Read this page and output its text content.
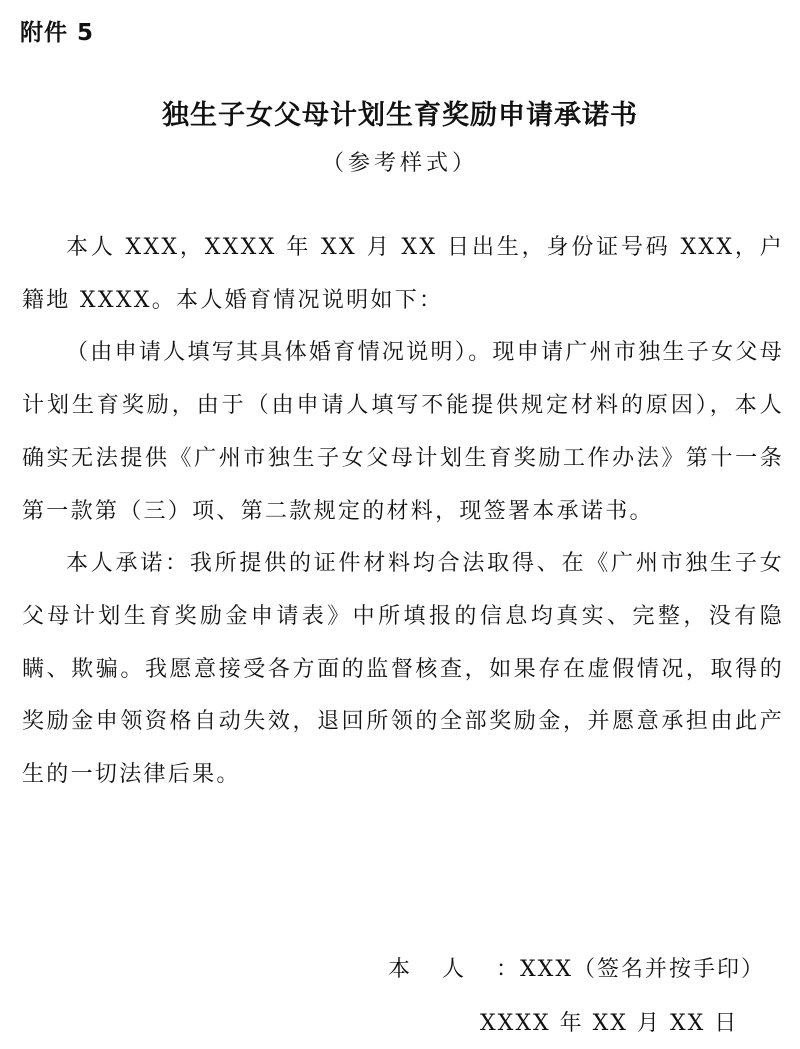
附件 5
独生子女父母计划生育奖励申请承诺书
（参考样式）

本人 XXX，XXXX 年 XX 月 XX 日出生，身份证号码 XXX，户籍地 XXXX。本人婚育情况说明如下：

（由申请人填写其具体婚育情况说明）。现申请广州市独生子女父母计划生育奖励，由于（由申请人填写不能提供规定材料的原因），本人确实无法提供《广州市独生子女父母计划生育奖励工作办法》第十一条第一款第（三）项、第二款规定的材料，现签署本承诺书。

本人承诺：我所提供的证件材料均合法取得、在《广州市独生子女父母计划生育奖励金申请表》中所填报的信息均真实、完整，没有隐瞒、欺骗。我愿意接受各方面的监督核查，如果存在虚假情况，取得的奖励金申领资格自动失效，退回所领的全部奖励金，并愿意承担由此产生的一切法律后果。

本人：XXX（签名并按手印）
XXXX 年 XX 月 XX 日
